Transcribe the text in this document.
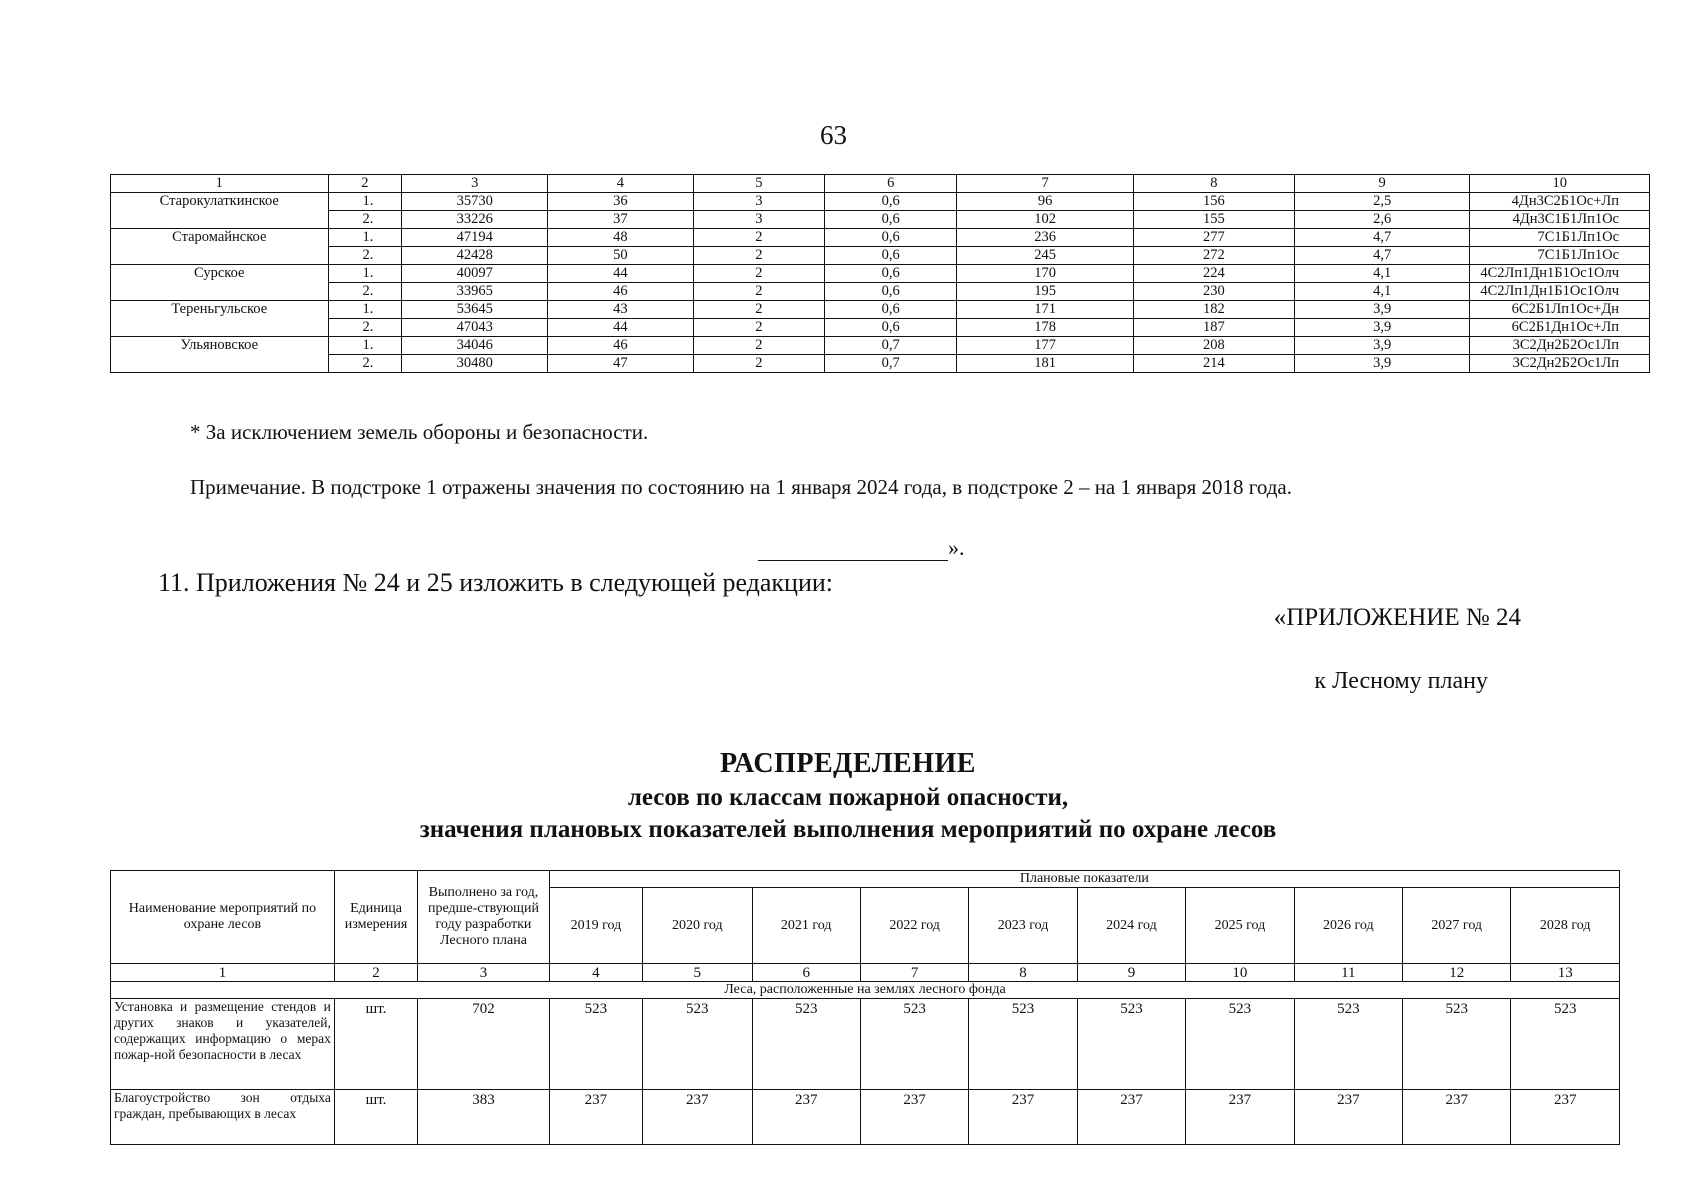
63
1	2	3	4	5	6	7	8	9	10
Старокулаткинское	1.	35730	36	3	0,6	96	156	2,5	4Дн3С2Б1Ос+Лп
	2.	33226	37	3	0,6	102	155	2,6	4Дн3С1Б1Лп1Ос
Старомайнское	1.	47194	48	2	0,6	236	277	4,7	7С1Б1Лп1Ос
	2.	42428	50	2	0,6	245	272	4,7	7С1Б1Лп1Ос
Сурское	1.	40097	44	2	0,6	170	224	4,1	4С2Лп1Дн1Б1Ос1Олч
	2.	33965	46	2	0,6	195	230	4,1	4С2Лп1Дн1Б1Ос1Олч
Тереньгульское	1.	53645	43	2	0,6	171	182	3,9	6С2Б1Лп1Ос+Дн
	2.	47043	44	2	0,6	178	187	3,9	6С2Б1Дн1Ос+Лп
Ульяновское	1.	34046	46	2	0,7	177	208	3,9	3С2Дн2Б2Ос1Лп
	2.	30480	47	2	0,7	181	214	3,9	3С2Дн2Б2Ос1Лп
* За исключением земель обороны и безопасности.
Примечание. В подстроке 1 отражены значения по состоянию на 1 января 2024 года, в подстроке 2 – на 1 января 2018 года.
».
11. Приложения № 24 и 25 изложить в следующей редакции:
«ПРИЛОЖЕНИЕ № 24
к Лесному плану
РАСПРЕДЕЛЕНИЕ
лесов по классам пожарной опасности,
значения плановых показателей выполнения мероприятий по охране лесов
Наименование мероприятий по охране лесов	Единица измерения	Выполнено за год, предше-ствующий году разработки Лесного плана	Плановые показатели									
			2019 год	2020 год	2021 год	2022 год	2023 год	2024 год	2025 год	2026 год	2027 год	2028 год
1	2	3	4	5	6	7	8	9	10	11	12	13
Леса, расположенные на землях лесного фонда												
Установка и размещение стендов и других знаков и указателей, содержащих информацию о мерах пожар-ной безопасности в лесах	шт.	702	523	523	523	523	523	523	523	523	523	523
Благоустройство зон отдыха граждан, пребывающих в лесах	шт.	383	237	237	237	237	237	237	237	237	237	237
